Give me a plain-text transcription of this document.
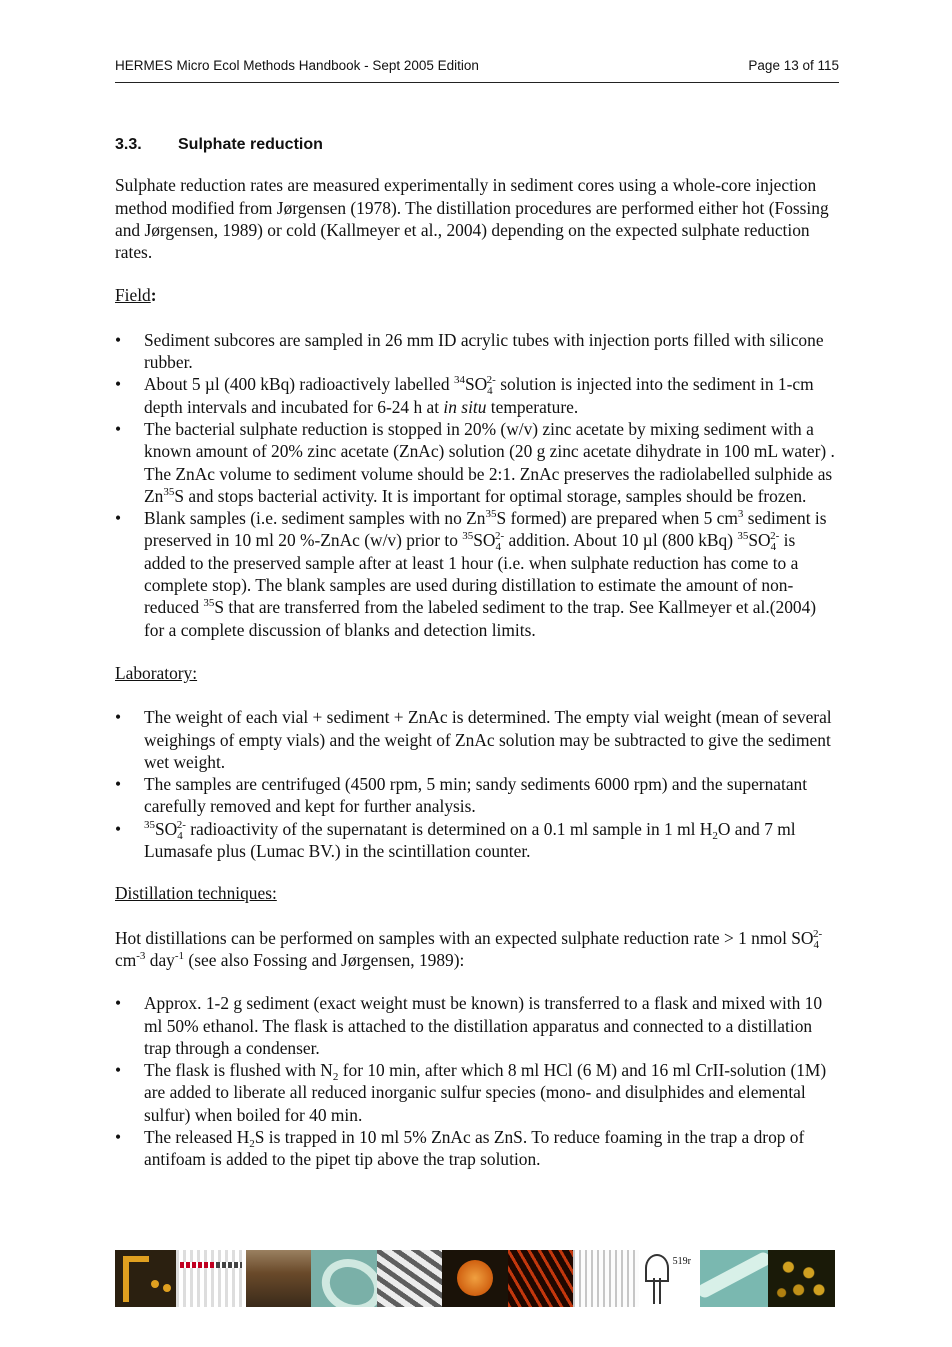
HERMES Micro Ecol Methods Handbook - Sept 2005 Edition	Page 13 of 115
3.3. Sulphate reduction

Sulphate reduction rates are measured experimentally in sediment cores using a whole-core injection method modified from Jørgensen (1978). The distillation procedures are performed either hot (Fossing and Jørgensen, 1989) or cold (Kallmeyer et al., 2004) depending on the expected sulphate reduction rates.

Field:

• Sediment subcores are sampled in 26 mm ID acrylic tubes with injection ports filled with silicone rubber.
• About 5 µl (400 kBq) radioactively labelled $^{34}SO_4^{2-}$ solution is injected into the sediment in 1-cm depth intervals and incubated for 6-24 h at in situ temperature.
• The bacterial sulphate reduction is stopped in 20% (w/v) zinc acetate by mixing sediment with a known amount of 20% zinc acetate (ZnAc) solution (20 g zinc acetate dihydrate in 100 mL water) . The ZnAc volume to sediment volume should be 2:1. ZnAc preserves the radiolabelled sulphide as Zn$^{35}$S and stops bacterial activity. It is important for optimal storage, samples should be frozen.
• Blank samples (i.e. sediment samples with no Zn$^{35}$S formed) are prepared when 5 $cm^3$ sediment is preserved in 10 ml 20 %-ZnAc (w/v) prior to $^{35}SO_4^{2-}$ addition. About 10 µl (800 kBq) $^{35}SO_4^{2-}$ is added to the preserved sample after at least 1 hour (i.e. when sulphate reduction has come to a complete stop). The blank samples are used during distillation to estimate the amount of non-reduced $^{35}$S that are transferred from the labeled sediment to the trap. See Kallmeyer et al.(2004) for a complete discussion of blanks and detection limits.

Laboratory:

• The weight of each vial + sediment + ZnAc is determined. The empty vial weight (mean of several weighings of empty vials) and the weight of ZnAc solution may be subtracted to give the sediment wet weight.
• The samples are centrifuged (4500 rpm, 5 min; sandy sediments 6000 rpm) and the supernatant carefully removed and kept for further analysis.
• $^{35}SO_4^{2-}$ radioactivity of the supernatant is determined on a 0.1 ml sample in 1 ml $H_2O$ and 7 ml Lumasafe plus (Lumac BV.) in the scintillation counter.

Distillation techniques:

Hot distillations can be performed on samples with an expected sulphate reduction rate > 1 nmol $SO_4^{2-}$ $cm^{-3}$ day$^{-1}$ (see also Fossing and Jørgensen, 1989):

• Approx. 1-2 g sediment (exact weight must be known) is transferred to a flask and mixed with 10 ml 50% ethanol. The flask is attached to the distillation apparatus and connected to a distillation trap through a condenser.
• The flask is flushed with $N_2$ for 10 min, after which 8 ml HCl (6 M) and 16 ml CrII-solution (1M) are added to liberate all reduced inorganic sulfur species (mono- and disulphides and elemental sulfur) when boiled for 40 min.
• The released $H_2S$ is trapped in 10 ml 5% ZnAc as ZnS. To reduce foaming in the trap a drop of antifoam is added to the pipet tip above the trap solution.
519r
